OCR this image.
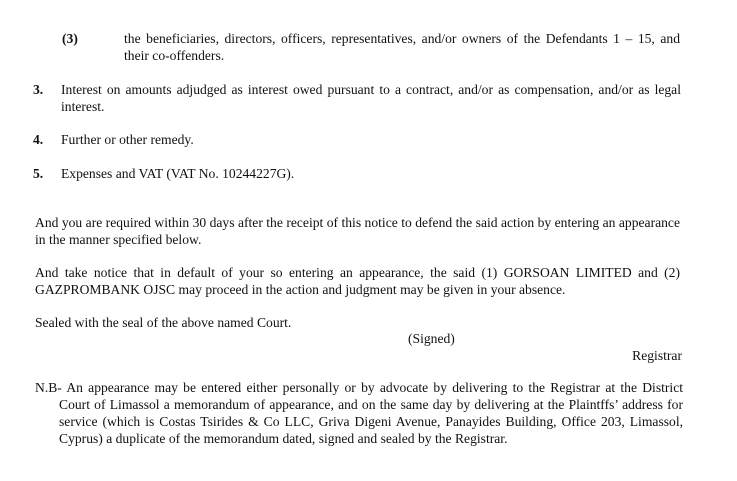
(3)	the beneficiaries, directors, officers, representatives, and/or owners of the Defendants 1 – 15, and their co-offenders.
3. Interest on amounts adjudged as interest owed pursuant to a contract, and/or as compensation, and/or as legal interest.
4. Further or other remedy.
5. Expenses and VAT (VAT No. 10244227G).
And you are required within 30 days after the receipt of this notice to defend the said action by entering an appearance in the manner specified below.
And take notice that in default of your so entering an appearance, the said (1) GORSOAN LIMITED and (2) GAZPROMBANK OJSC may proceed in the action and judgment may be given in your absence.
Sealed with the seal of the above named Court.
(Signed)
Registrar
N.B- An appearance may be entered either personally or by advocate by delivering to the Registrar at the District Court of Limassol a memorandum of appearance, and on the same day by delivering at the Plaintffs’ address for service (which is Costas Tsirides & Co LLC, Griva Digeni Avenue, Panayides Building, Office 203, Limassol, Cyprus) a duplicate of the memorandum dated, signed and sealed by the Registrar.
